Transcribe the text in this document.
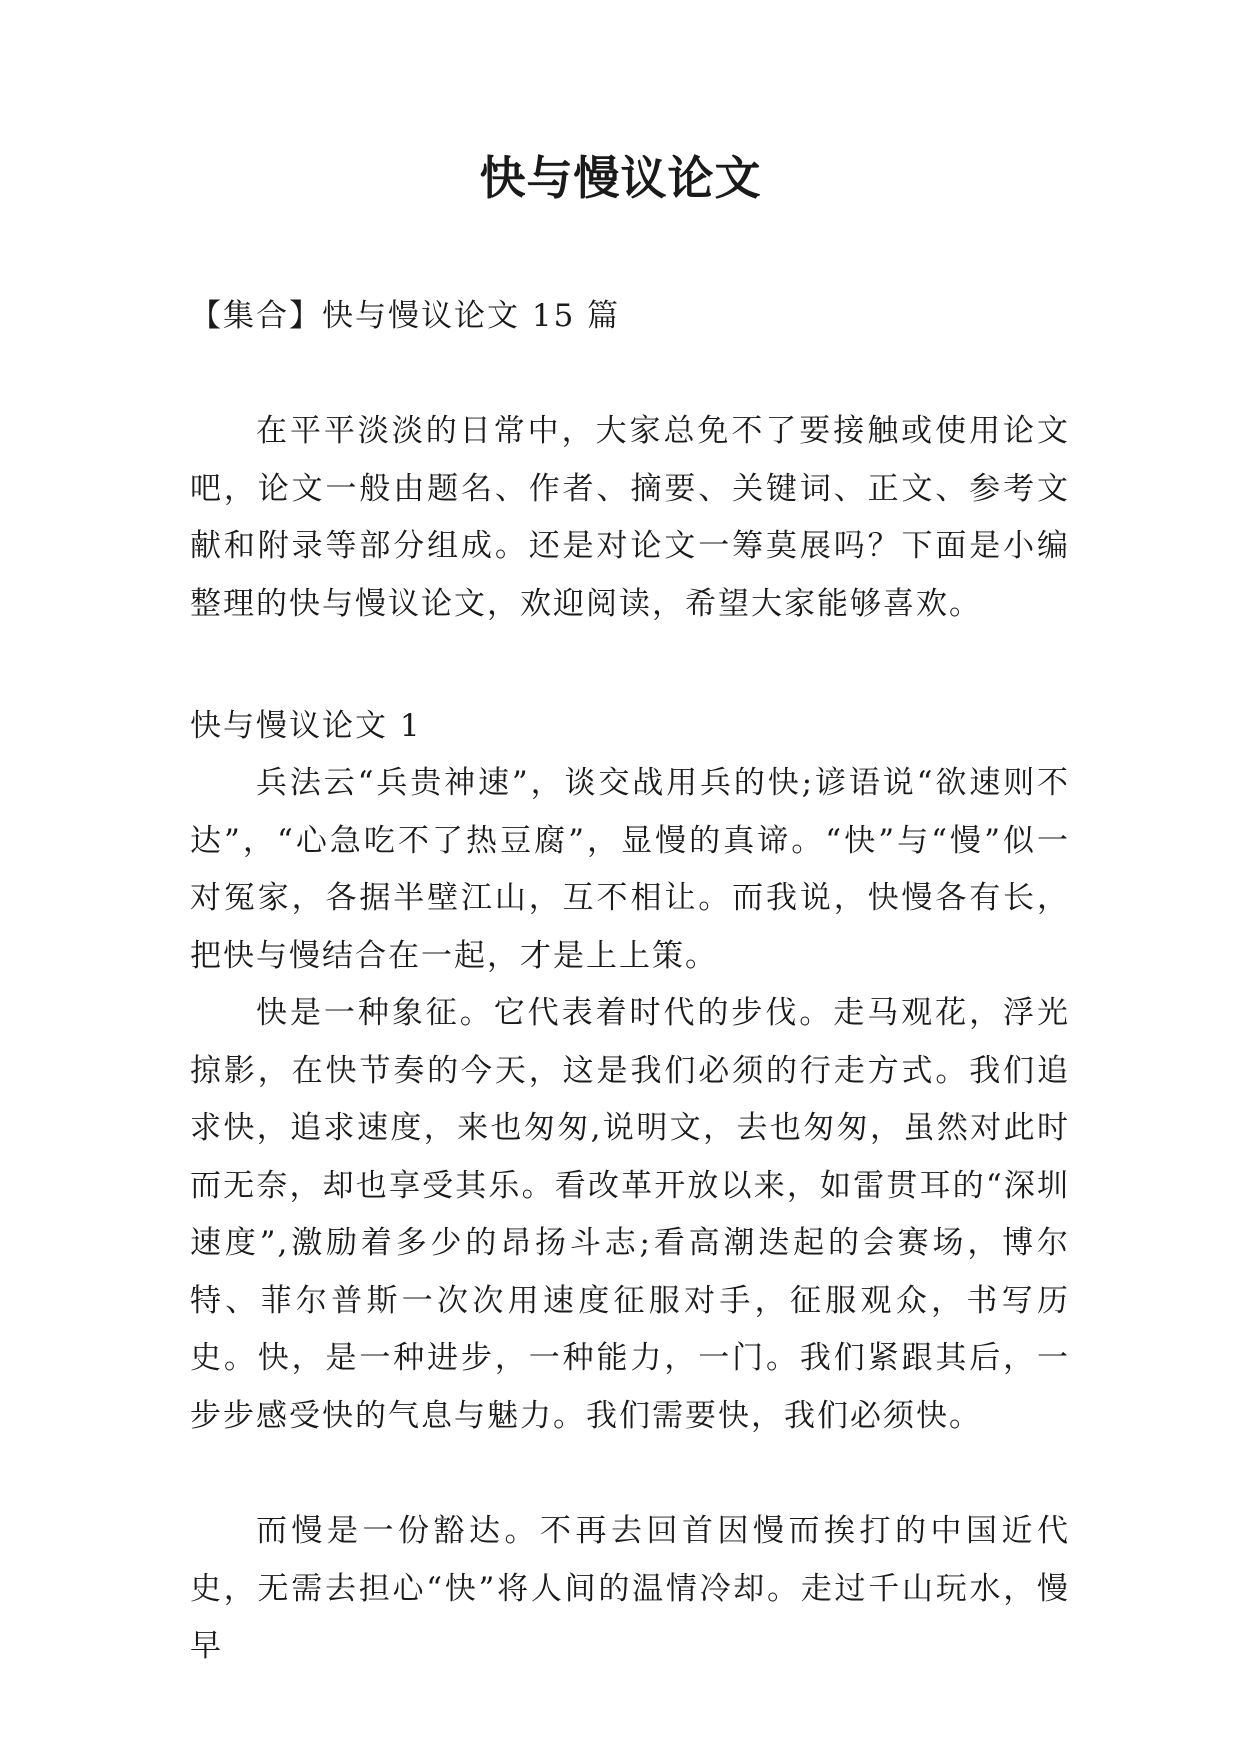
快与慢议论文
【集合】快与慢议论文 15 篇

在平平淡淡的日常中，大家总免不了要接触或使用论文吧，论文一般由题名、作者、摘要、关键词、正文、参考文献和附录等部分组成。还是对论文一筹莫展吗？下面是小编整理的快与慢议论文，欢迎阅读，希望大家能够喜欢。

快与慢议论文 1

兵法云“兵贵神速”，谈交战用兵的快;谚语说“欲速则不达”，“心急吃不了热豆腐”，显慢的真谛。“快”与“慢”似一对冤家，各据半壁江山，互不相让。而我说，快慢各有长，把快与慢结合在一起，才是上上策。

快是一种象征。它代表着时代的步伐。走马观花，浮光掠影，在快节奏的今天，这是我们必须的行走方式。我们追求快，追求速度，来也匆匆,说明文，去也匆匆，虽然对此时而无奈，却也享受其乐。看改革开放以来，如雷贯耳的“深圳速度”,激励着多少的昂扬斗志;看高潮迭起的会赛场，博尔特、菲尔普斯一次次用速度征服对手，征服观众，书写历史。快，是一种进步，一种能力，一门。我们紧跟其后，一步步感受快的气息与魅力。我们需要快，我们必须快。

而慢是一份豁达。不再去回首因慢而挨打的中国近代史，无需去担心“快”将人间的温情冷却。走过千山玩水，慢早
